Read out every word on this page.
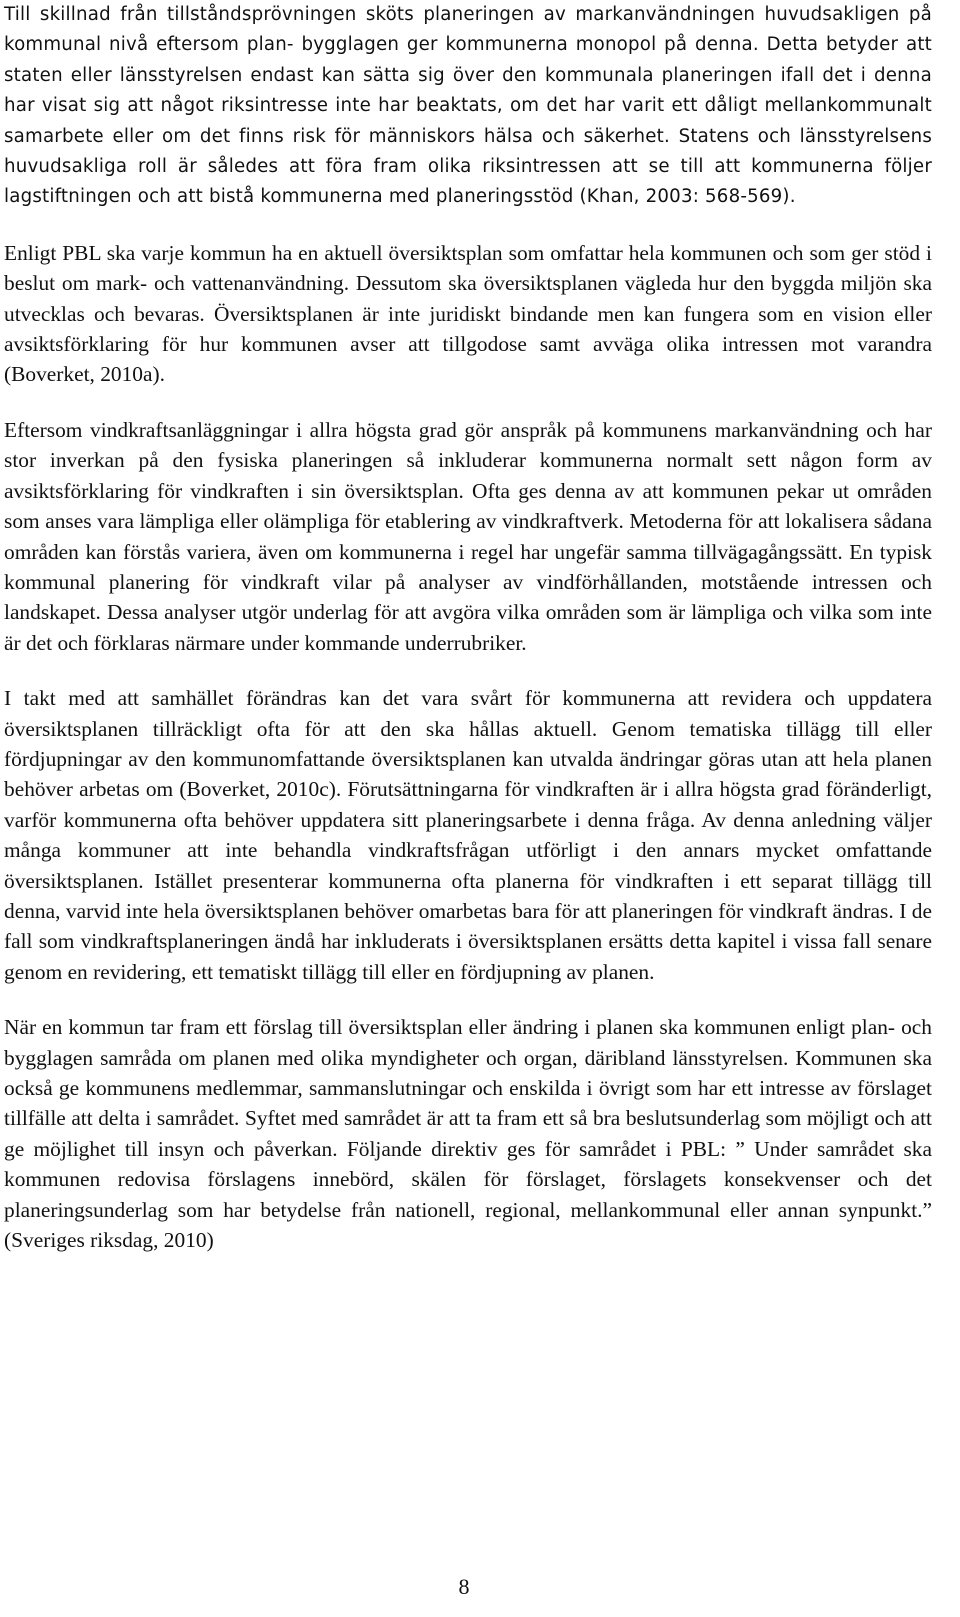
Till skillnad från tillståndsprövningen sköts planeringen av markanvändningen huvudsakligen på kommunal nivå eftersom plan- bygglagen ger kommunerna monopol på denna. Detta betyder att staten eller länsstyrelsen endast kan sätta sig över den kommunala planeringen ifall det i denna har visat sig att något riksintresse inte har beaktats, om det har varit ett dåligt mellankommunalt samarbete eller om det finns risk för människors hälsa och säkerhet. Statens och länsstyrelsens huvudsakliga roll är således att föra fram olika riksintressen att se till att kommunerna följer lagstiftningen och att bistå kommunerna med planeringsstöd (Khan, 2003: 568-569).

Enligt PBL ska varje kommun ha en aktuell översiktsplan som omfattar hela kommunen och som ger stöd i beslut om mark- och vattenanvändning. Dessutom ska översiktsplanen vägleda hur den byggda miljön ska utvecklas och bevaras. Översiktsplanen är inte juridiskt bindande men kan fungera som en vision eller avsiktsförklaring för hur kommunen avser att tillgodose samt avväga olika intressen mot varandra (Boverket, 2010a).

Eftersom vindkraftsanläggningar i allra högsta grad gör anspråk på kommunens markanvändning och har stor inverkan på den fysiska planeringen så inkluderar kommunerna normalt sett någon form av avsiktsförklaring för vindkraften i sin översiktsplan. Ofta ges denna av att kommunen pekar ut områden som anses vara lämpliga eller olämpliga för etablering av vindkraftverk. Metoderna för att lokalisera sådana områden kan förstås variera, även om kommunerna i regel har ungefär samma tillvägagångssätt. En typisk kommunal planering för vindkraft vilar på analyser av vindförhållanden, motstående intressen och landskapet. Dessa analyser utgör underlag för att avgöra vilka områden som är lämpliga och vilka som inte är det och förklaras närmare under kommande underrubriker.

I takt med att samhället förändras kan det vara svårt för kommunerna att revidera och uppdatera översiktsplanen tillräckligt ofta för att den ska hållas aktuell. Genom tematiska tillägg till eller fördjupningar av den kommunomfattande översiktsplanen kan utvalda ändringar göras utan att hela planen behöver arbetas om (Boverket, 2010c). Förutsättningarna för vindkraften är i allra högsta grad föränderligt, varför kommunerna ofta behöver uppdatera sitt planeringsarbete i denna fråga. Av denna anledning väljer många kommuner att inte behandla vindkraftsfrågan utförligt i den annars mycket omfattande översiktsplanen. Istället presenterar kommunerna ofta planerna för vindkraften i ett separat tillägg till denna, varvid inte hela översiktsplanen behöver omarbetas bara för att planeringen för vindkraft ändras. I de fall som vindkraftsplaneringen ändå har inkluderats i översiktsplanen ersätts detta kapitel i vissa fall senare genom en revidering, ett tematiskt tillägg till eller en fördjupning av planen.

När en kommun tar fram ett förslag till översiktsplan eller ändring i planen ska kommunen enligt plan- och bygglagen samråda om planen med olika myndigheter och organ, däribland länsstyrelsen. Kommunen ska också ge kommunens medlemmar, sammanslutningar och enskilda i övrigt som har ett intresse av förslaget tillfälle att delta i samrådet. Syftet med samrådet är att ta fram ett så bra beslutsunderlag som möjligt och att ge möjlighet till insyn och påverkan. Följande direktiv ges för samrådet i PBL: ” Under samrådet ska kommunen redovisa förslagens innebörd, skälen för förslaget, förslagets konsekvenser och det planeringsunderlag som har betydelse från nationell, regional, mellankommunal eller annan synpunkt.” (Sveriges riksdag, 2010)

8
